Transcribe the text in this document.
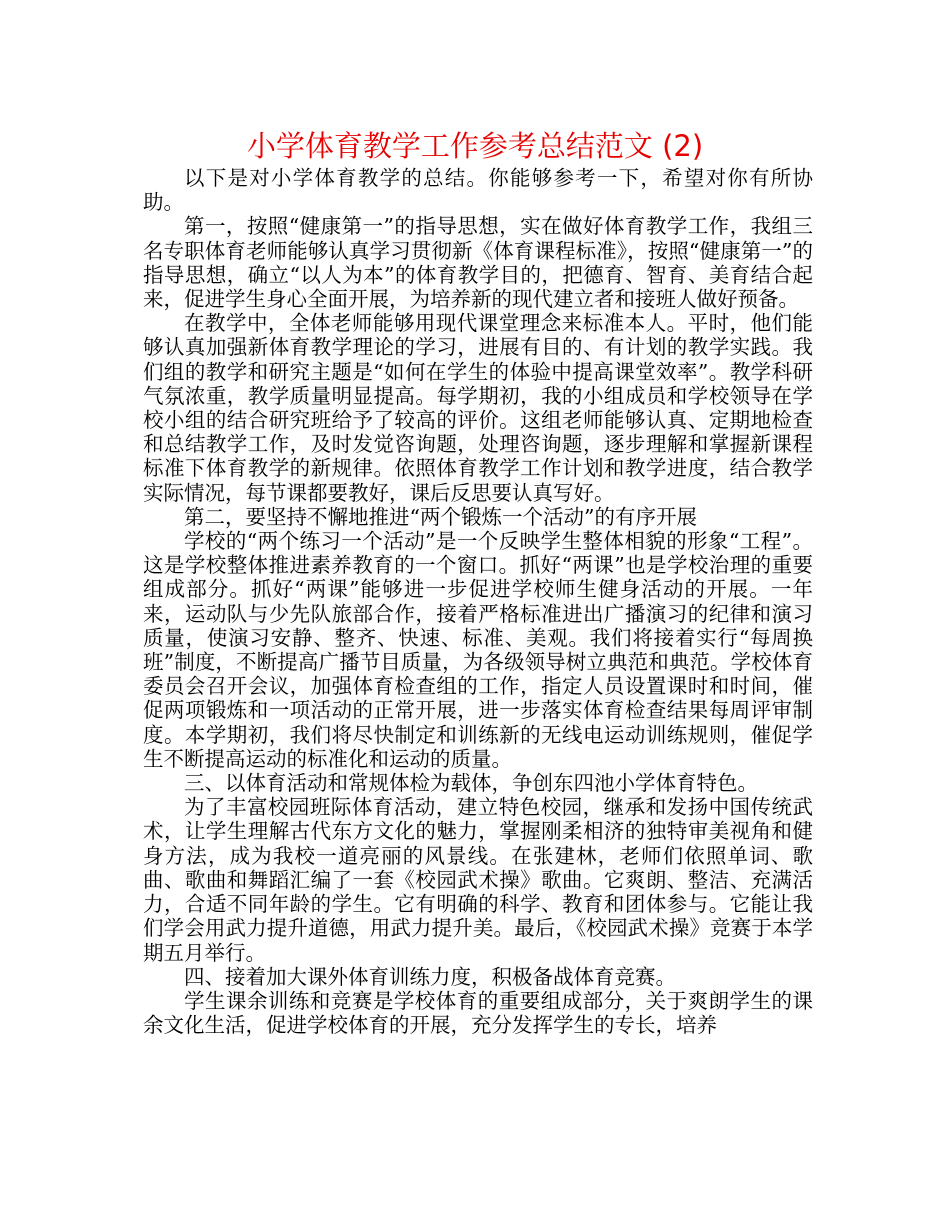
小学体育教学工作参考总结范文 (2)

以下是对小学体育教学的总结。你能够参考一下，希望对你有所协助。

第一，按照“健康第一”的指导思想，实在做好体育教学工作，我组三名专职体育老师能够认真学习贯彻新《体育课程标准》，按照“健康第一”的指导思想，确立“以人为本”的体育教学目的，把德育、智育、美育结合起来，促进学生身心全面开展，为培养新的现代建立者和接班人做好预备。

在教学中，全体老师能够用现代课堂理念来标准本人。平时，他们能够认真加强新体育教学理论的学习，进展有目的、有计划的教学实践。我们组的教学和研究主题是“如何在学生的体验中提高课堂效率”。教学科研气氛浓重，教学质量明显提高。每学期初，我的小组成员和学校领导在学校小组的结合研究班给予了较高的评价。这组老师能够认真、定期地检查和总结教学工作，及时发觉咨询题，处理咨询题，逐步理解和掌握新课程标准下体育教学的新规律。依照体育教学工作计划和教学进度，结合教学实际情况，每节课都要教好，课后反思要认真写好。

第二，要坚持不懈地推进“两个锻炼一个活动”的有序开展

学校的“两个练习一个活动”是一个反映学生整体相貌的形象“工程”。这是学校整体推进素养教育的一个窗口。抓好“两课”也是学校治理的重要组成部分。抓好“两课”能够进一步促进学校师生健身活动的开展。一年来，运动队与少先队旅部合作，接着严格标准进出广播演习的纪律和演习质量，使演习安静、整齐、快速、标准、美观。我们将接着实行“每周换班”制度，不断提高广播节目质量，为各级领导树立典范和典范。学校体育委员会召开会议，加强体育检查组的工作，指定人员设置课时和时间，催促两项锻炼和一项活动的正常开展，进一步落实体育检查结果每周评审制度。本学期初，我们将尽快制定和训练新的无线电运动训练规则，催促学生不断提高运动的标准化和运动的质量。

三、以体育活动和常规体检为载体，争创东四池小学体育特色。

为了丰富校园班际体育活动，建立特色校园，继承和发扬中国传统武术，让学生理解古代东方文化的魅力，掌握刚柔相济的独特审美视角和健身方法，成为我校一道亮丽的风景线。在张建林，老师们依照单词、歌曲、歌曲和舞蹈汇编了一套《校园武术操》歌曲。它爽朗、整洁、充满活力，合适不同年龄的学生。它有明确的科学、教育和团体参与。它能让我们学会用武力提升道德，用武力提升美。最后，《校园武术操》竞赛于本学期五月举行。

四、接着加大课外体育训练力度，积极备战体育竞赛。

学生课余训练和竞赛是学校体育的重要组成部分，关于爽朗学生的课余文化生活，促进学校体育的开展，充分发挥学生的专长，培养
